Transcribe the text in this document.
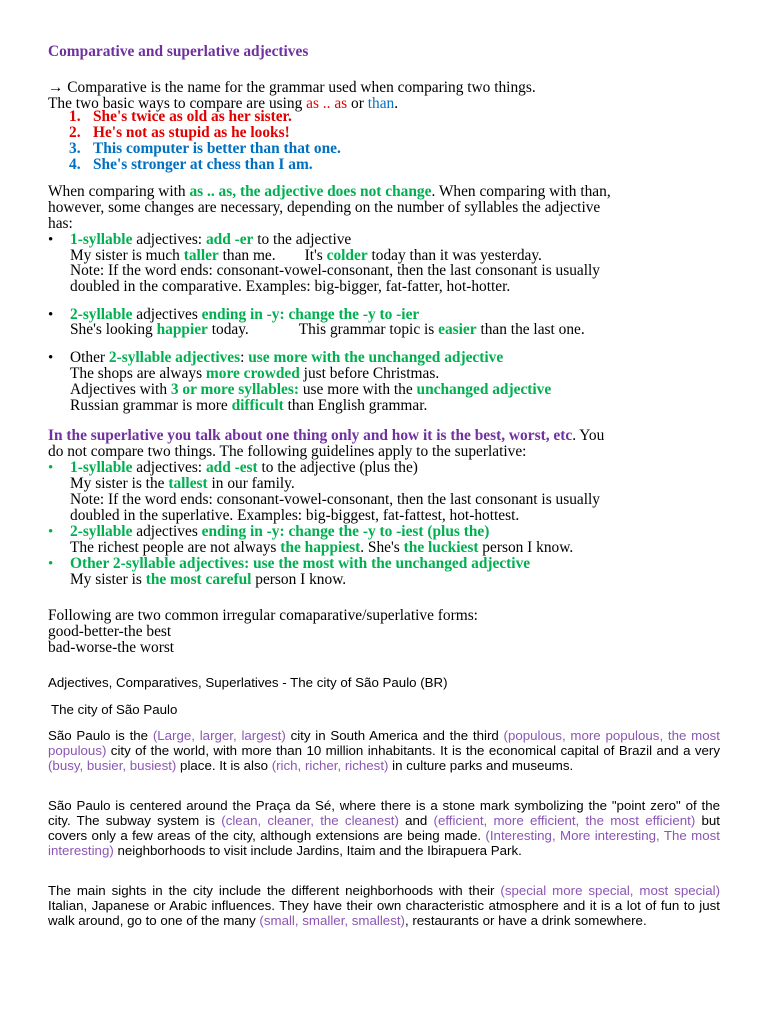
Comparative and superlative adjectives
→ Comparative is the name for the grammar used when comparing two things.
The two basic ways to compare are using as .. as or than.
1. She's twice as old as her sister.
2. He's not as stupid as he looks!
3. This computer is better than that one.
4. She's stronger at chess than I am.
When comparing with as .. as, the adjective does not change. When comparing with than,
however, some changes are necessary, depending on the number of syllables the adjective
has:
• 1-syllable adjectives: add -er to the adjective
My sister is much taller than me. It's colder today than it was yesterday.
Note: If the word ends: consonant-vowel-consonant, then the last consonant is usually
doubled in the comparative. Examples: big-bigger, fat-fatter, hot-hotter.
• 2-syllable adjectives ending in -y: change the -y to -ier
She's looking happier today.	This grammar topic is easier than the last one.
• Other 2-syllable adjectives: use more with the unchanged adjective
The shops are always more crowded just before Christmas.
Adjectives with 3 or more syllables: use more with the unchanged adjective
Russian grammar is more difficult than English grammar.
In the superlative you talk about one thing only and how it is the best, worst, etc. You
do not compare two things. The following guidelines apply to the superlative:
• 1-syllable adjectives: add -est to the adjective (plus the)
My sister is the tallest in our family.
Note: If the word ends: consonant-vowel-consonant, then the last consonant is usually
doubled in the superlative. Examples: big-biggest, fat-fattest, hot-hottest.
• 2-syllable adjectives ending in -y: change the -y to -iest (plus the)
The richest people are not always the happiest. She's the luckiest person I know.
• Other 2-syllable adjectives: use the most with the unchanged adjective
My sister is the most careful person I know.
Following are two common irregular comaparative/superlative forms:
good-better-the best
bad-worse-the worst
Adjectives, Comparatives, Superlatives - The city of São Paulo (BR)
The city of São Paulo
São Paulo is the (Large, larger, largest) city in South America and the third (populous, more populous, the most populous) city of the world, with more than 10 million inhabitants. It is the economical capital of Brazil and a very (busy, busier, busiest) place. It is also (rich, richer, richest) in culture parks and museums.
São Paulo is centered around the Praça da Sé, where there is a stone mark symbolizing the "point zero" of the city. The subway system is (clean, cleaner, the cleanest) and (efficient, more efficient, the most efficient) but covers only a few areas of the city, although extensions are being made. (Interesting, More interesting, The most interesting) neighborhoods to visit include Jardins, Itaim and the Ibirapuera Park.
The main sights in the city include the different neighborhoods with their (special more special, most special) Italian, Japanese or Arabic influences. They have their own characteristic atmosphere and it is a lot of fun to just walk around, go to one of the many (small, smaller, smallest), restaurants or have a drink somewhere.
